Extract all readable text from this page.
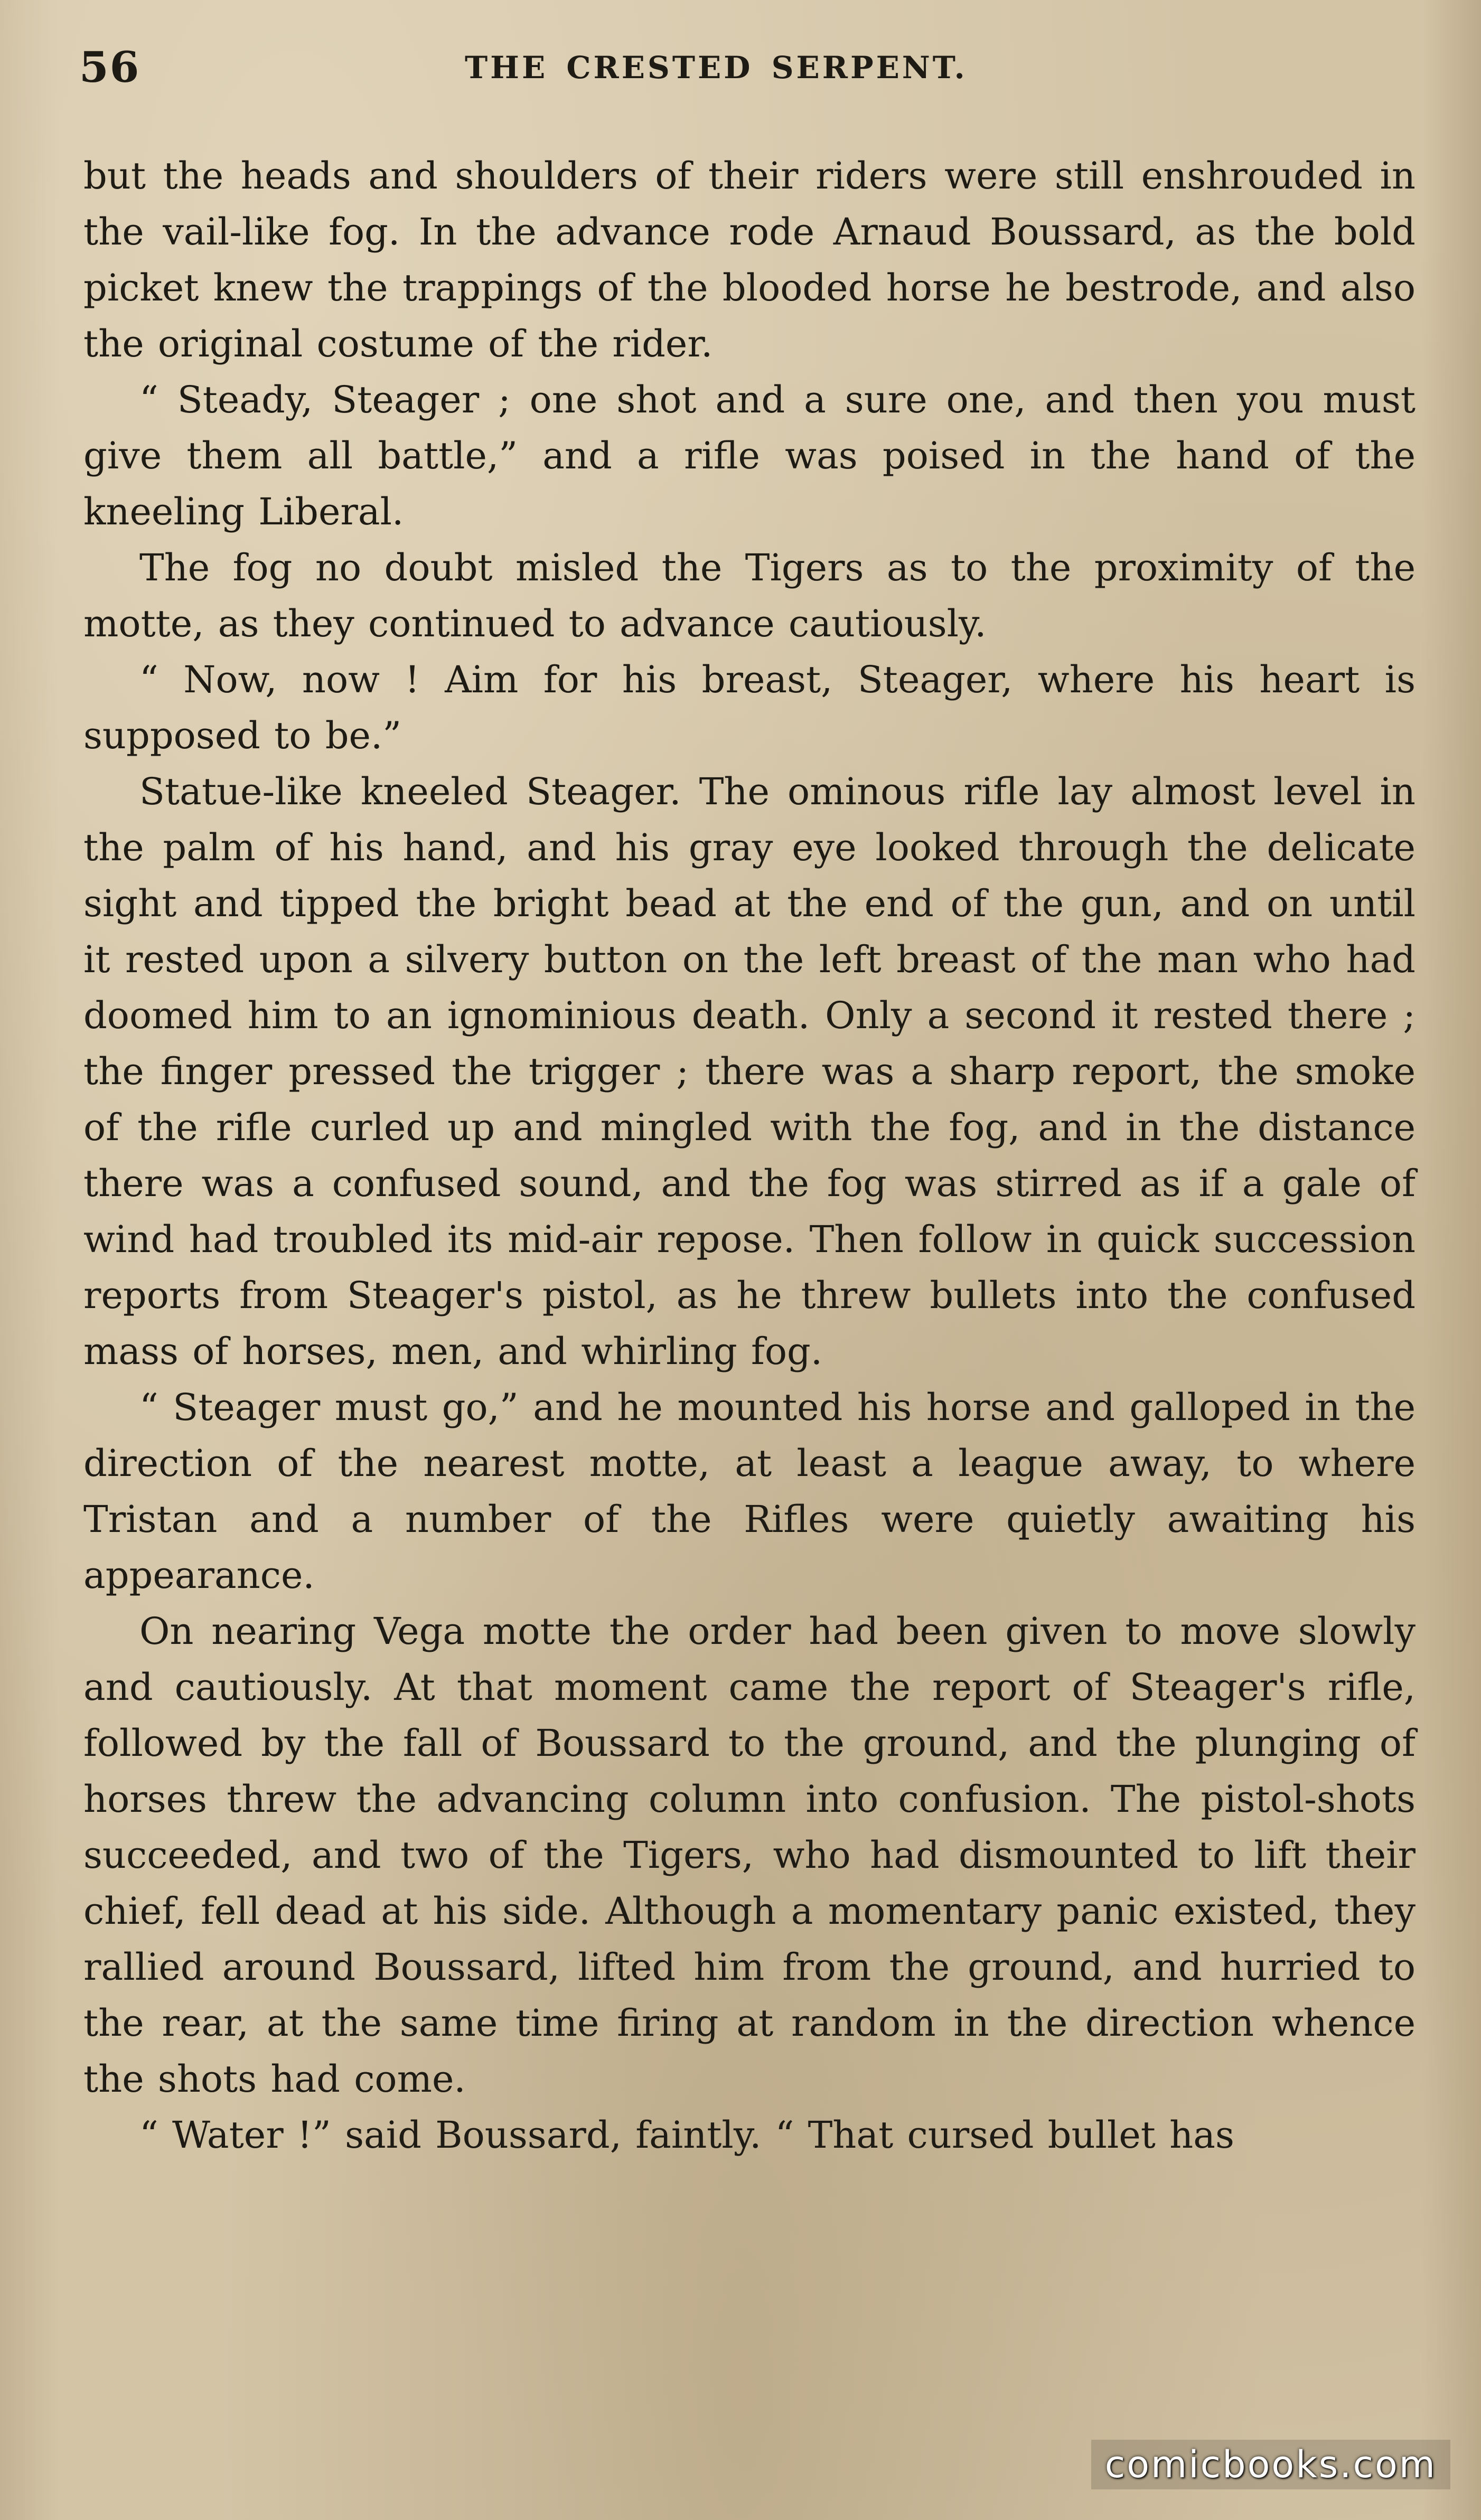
56	THE CRESTED SERPENT.

but the heads and shoulders of their riders were still enshrouded in the vail-like fog. In the advance rode Arnaud Boussard, as the bold picket knew the trappings of the blooded horse he bestrode, and also the original costume of the rider.

“ Steady, Steager ; one shot and a sure one, and then you must give them all battle,” and a rifle was poised in the hand of the kneeling Liberal.

The fog no doubt misled the Tigers as to the proximity of the motte, as they continued to advance cautiously.

“ Now, now ! Aim for his breast, Steager, where his heart is supposed to be.”

Statue-like kneeled Steager. The ominous rifle lay almost level in the palm of his hand, and his gray eye looked through the delicate sight and tipped the bright bead at the end of the gun, and on until it rested upon a silvery button on the left breast of the man who had doomed him to an ignominious death. Only a second it rested there ; the finger pressed the trigger ; there was a sharp report, the smoke of the rifle curled up and mingled with the fog, and in the distance there was a confused sound, and the fog was stirred as if a gale of wind had troubled its mid-air repose. Then follow in quick succession reports from Steager's pistol, as he threw bullets into the confused mass of horses, men, and whirling fog.

“ Steager must go,” and he mounted his horse and galloped in the direction of the nearest motte, at least a league away, to where Tristan and a number of the Rifles were quietly awaiting his appearance.

On nearing Vega motte the order had been given to move slowly and cautiously. At that moment came the report of Steager's rifle, followed by the fall of Boussard to the ground, and the plunging of horses threw the advancing column into confusion. The pistol-shots succeeded, and two of the Tigers, who had dismounted to lift their chief, fell dead at his side. Although a momentary panic existed, they rallied around Boussard, lifted him from the ground, and hurried to the rear, at the same time firing at random in the direction whence the shots had come.

“ Water !” said Boussard, faintly. “ That cursed bullet has

comicbooks.com
